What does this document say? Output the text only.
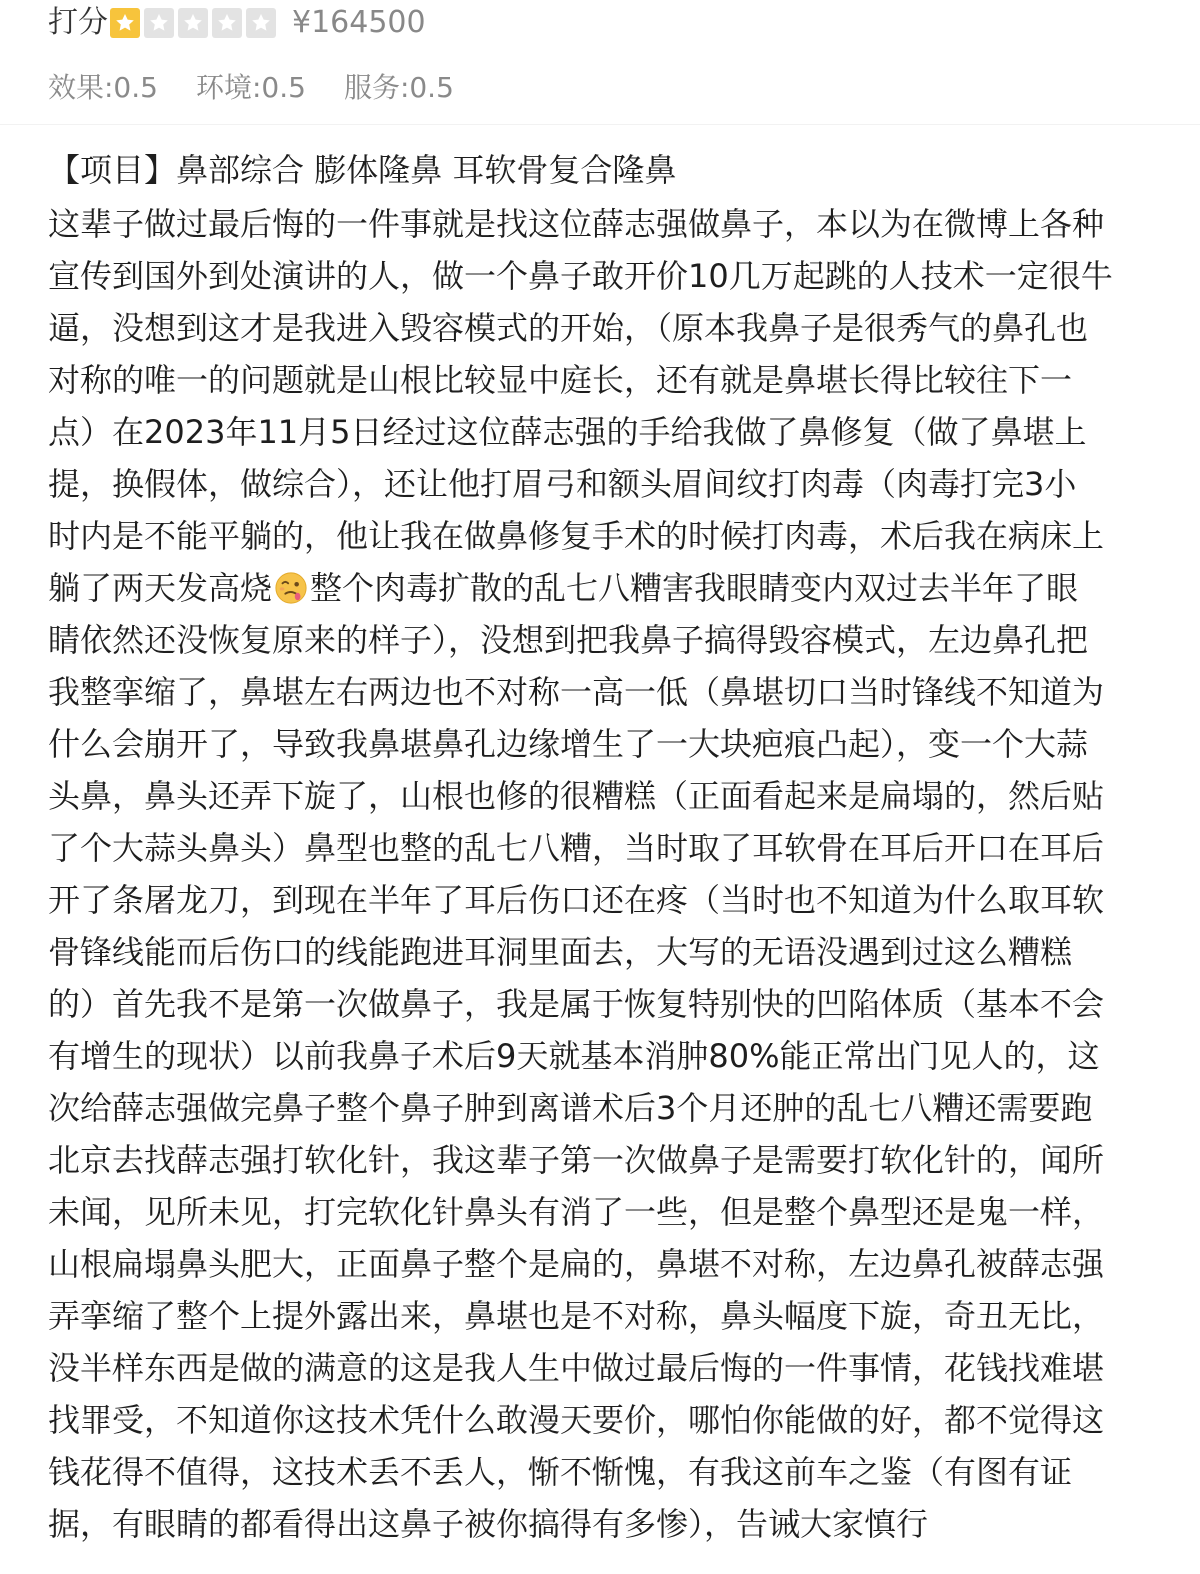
打分	¥164500
效果:0.5 环境:0.5 服务:0.5
【项目】鼻部综合 膨体隆鼻 耳软骨复合隆鼻
这辈子做过最后悔的一件事就是找这位薛志强做鼻子，本以为在微博上各种
宣传到国外到处演讲的人，做一个鼻子敢开价10几万起跳的人技术一定很牛
逼，没想到这才是我进入毁容模式的开始，（原本我鼻子是很秀气的鼻孔也
对称的唯一的问题就是山根比较显中庭长，还有就是鼻堪长得比较往下一
点）在2023年11月5日经过这位薛志强的手给我做了鼻修复（做了鼻堪上
提，换假体，做综合），还让他打眉弓和额头眉间纹打肉毒（肉毒打完3小
时内是不能平躺的，他让我在做鼻修复手术的时候打肉毒，术后我在病床上
躺了两天发高烧 整个肉毒扩散的乱七八糟害我眼睛变内双过去半年了眼
睛依然还没恢复原来的样子），没想到把我鼻子搞得毁容模式，左边鼻孔把
我整挛缩了，鼻堪左右两边也不对称一高一低（鼻堪切口当时锋线不知道为
什么会崩开了，导致我鼻堪鼻孔边缘增生了一大块疤痕凸起），变一个大蒜
头鼻，鼻头还弄下旋了，山根也修的很糟糕（正面看起来是扁塌的，然后贴
了个大蒜头鼻头）鼻型也整的乱七八糟，当时取了耳软骨在耳后开口在耳后
开了条屠龙刀，到现在半年了耳后伤口还在疼（当时也不知道为什么取耳软
骨锋线能而后伤口的线能跑进耳洞里面去，大写的无语没遇到过这么糟糕
的）首先我不是第一次做鼻子，我是属于恢复特别快的凹陷体质（基本不会
有增生的现状）以前我鼻子术后9天就基本消肿80%能正常出门见人的，这
次给薛志强做完鼻子整个鼻子肿到离谱术后3个月还肿的乱七八糟还需要跑
北京去找薛志强打软化针，我这辈子第一次做鼻子是需要打软化针的，闻所
未闻，见所未见，打完软化针鼻头有消了一些，但是整个鼻型还是鬼一样，
山根扁塌鼻头肥大，正面鼻子整个是扁的，鼻堪不对称，左边鼻孔被薛志强
弄挛缩了整个上提外露出来，鼻堪也是不对称，鼻头幅度下旋，奇丑无比，
没半样东西是做的满意的这是我人生中做过最后悔的一件事情，花钱找难堪
找罪受，不知道你这技术凭什么敢漫天要价，哪怕你能做的好，都不觉得这
钱花得不值得，这技术丢不丢人，惭不惭愧，有我这前车之鉴（有图有证
据，有眼睛的都看得出这鼻子被你搞得有多惨），告诫大家慎行
